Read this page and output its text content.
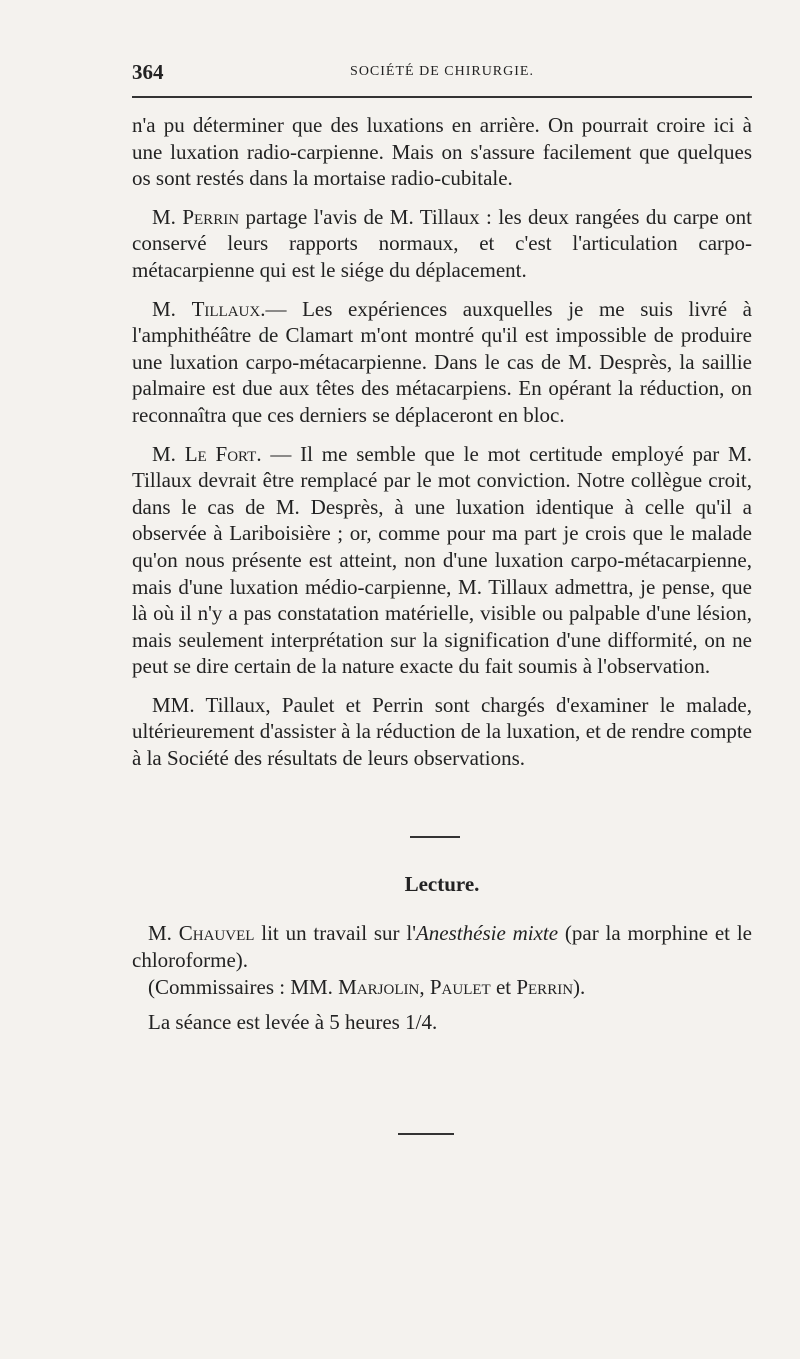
364	SOCIÉTÉ DE CHIRURGIE.

n'a pu déterminer que des luxations en arrière. On pourrait croire ici à une luxation radio-carpienne. Mais on s'assure facilement que quelques os sont restés dans la mortaise radio-cubitale.

M. Perrin partage l'avis de M. Tillaux : les deux rangées du carpe ont conservé leurs rapports normaux, et c'est l'articulation carpo-métacarpienne qui est le siége du déplacement.

M. Tillaux.— Les expériences auxquelles je me suis livré à l'amphithéâtre de Clamart m'ont montré qu'il est impossible de produire une luxation carpo-métacarpienne. Dans le cas de M. Desprès, la saillie palmaire est due aux têtes des métacarpiens. En opérant la réduction, on reconnaîtra que ces derniers se déplaceront en bloc.

M. Le Fort. — Il me semble que le mot certitude employé par M. Tillaux devrait être remplacé par le mot conviction. Notre collègue croit, dans le cas de M. Desprès, à une luxation identique à celle qu'il a observée à Lariboisière ; or, comme pour ma part je crois que le malade qu'on nous présente est atteint, non d'une luxation carpo-métacarpienne, mais d'une luxation médio-carpienne, M. Tillaux admettra, je pense, que là où il n'y a pas constatation matérielle, visible ou palpable d'une lésion, mais seulement interprétation sur la signification d'une difformité, on ne peut se dire certain de la nature exacte du fait soumis à l'observation.

MM. Tillaux, Paulet et Perrin sont chargés d'examiner le malade, ultérieurement d'assister à la réduction de la luxation, et de rendre compte à la Société des résultats de leurs observations.

Lecture.

M. Chauvel lit un travail sur l'Anesthésie mixte (par la morphine et le chloroforme).

(Commissaires : MM. Marjolin, Paulet et Perrin).

La séance est levée à 5 heures 1/4.
